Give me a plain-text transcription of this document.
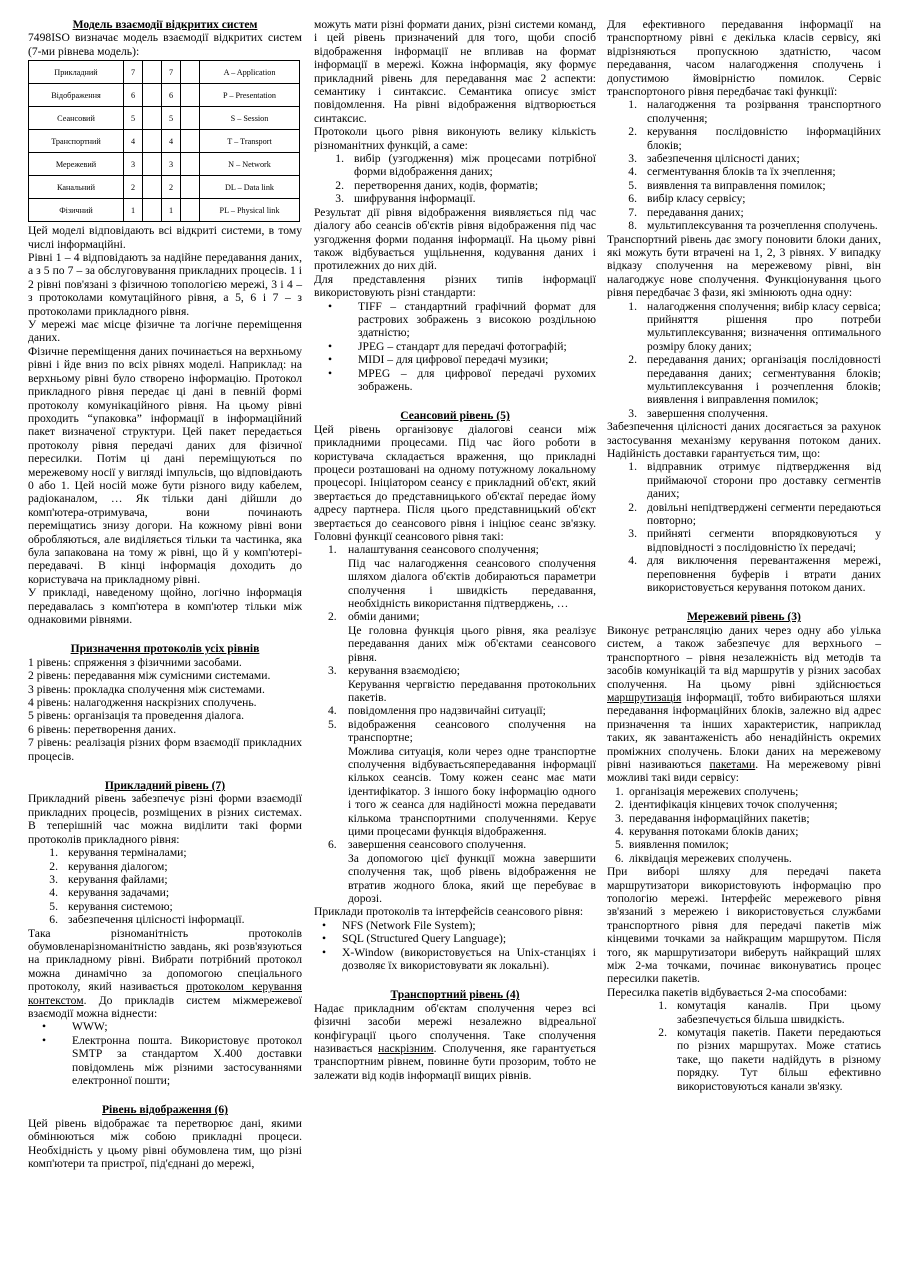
Модель взаємодії відкритих систем

7498ISO визначає модель взаємодії відкритих систем (7-ми рівнева модель):

Прикладний	7		7		A – Application
Відображення	6		6		P – Presentation
Сеансовий	5		5		S – Session
Транспортний	4		4		T – Transport
Мережевий	3		3		N – Network
Канальний	2		2		DL – Data link
Фізичний	1		1		PL – Physical link

Цей моделі відповідають всі відкриті системи, в тому числі інформаційні.

Рівні 1 – 4 відповідають за надійне передавання даних, а з 5 по 7 – за обслуговування прикладних процесів. 1 і 2 рівні пов'язані з фізичною топологією мережі, 3 і 4 – з протоколами комутаційного рівня, а 5, 6 і 7 – з протоколами прикладного рівня.

У мережі має місце фізичне та логічне переміщення даних.

Фізичне переміщення даних починається на верхньому рівні і йде вниз по всіх рівнях моделі. Наприклад: на верхньому рівні було створено інформацію. Протокол прикладного рівня передає ці дані в певній формі протоколу комунікаційного рівня. На цьому рівні проходить “упаковка” інформації в інформаційний пакет визначеної структури. Цей пакет передається протоколу рівня передачі даних для фізичної пересилки. Потім ці дані переміщуються по мережевому носії у вигляді імпульсів, що відповідають 0 або 1. Цей носій може бути різного виду кабелем, радіоканалом, … Як тільки дані дійшли до комп'ютера-отримувача, вони починають переміщатись знизу догори. На кожному рівні вони обробляються, але виділяється тільки та частинка, яка була запакована на тому ж рівні, що й у комп'ютері-передавачі. В кінці інформація доходить до користувача на прикладному рівні.

У прикладі, наведеному щойно, логічно інформація передавалась з комп'ютера в комп'ютер тільки між однаковими рівнями.

Призначення протоколів усіх рівнів

1 рівень: спряження з фізичними засобами.

2 рівень: передавання між сумісними системами.

3 рівень: прокладка сполучення між системами.

4 рівень: налагодження наскрізних сполучень.

5 рівень: організація та проведення діалога.

6 рівень: перетворення даних.

7 рівень: реалізація різних форм взаємодії прикладних процесів.

Прикладний рівень (7)

Прикладний рівень забезпечує різні форми взаємодії прикладних процесів, розміщених в різних системах. В теперішній час можна виділити такі форми протоколів прикладного рівня:

1. керування терміналами;
2. керування діалогом;
3. керування файлами;
4. керування задачами;
5. керування системою;
6. забезпечення цілісності інформації.

Така різноманітність протоколів обумовленарізноманітністю завдань, які розв'язуються на прикладному рівні. Вибрати потрібний протокол можна динамічно за допомогою спеціального протоколу, який називається протоколом керування контекстом. До прикладів систем міжмережевої взаємодії можна віднести:

•	WWW;
•	Електронна пошта. Використовує протокол SMTP за стандартом X.400 доставки повідомлень між різними застосуваннями електронної пошти;
Рівень відображення (6)

Цей рівень відображає та перетворює дані, якими обмінюються між собою прикладні процеси. Необхідність у цьому рівні обумовлена тим, що різні комп'ютери та пристрої, під'єднані до мережі,

можуть мати різні формати даних, різні системи команд, і цей рівень призначений для того, щоби спосіб відображення інформації не впливав на формат інформації в мережі. Кожна інформація, яку формує прикладний рівень для передавання має 2 аспекти: семантику і синтаксис. Семантика описує зміст повідомлення. На рівні відображення відтворюється синтаксис.

Протоколи цього рівня виконують велику кількість різноманітних функцій, а саме:

1. вибір (узгодження) між процесами потрібної форми відображення даних;
2. перетворення даних, кодів, форматів;
3. шифрування інформації.

Результат дії рівня відображення виявляється під час діалогу або сеансів об'єктів рівня відображення під час узгодження форми подання інформації. На цьому рівні також відбувається ущільнення, кодування даних і протилежних до них дій.

Для представлення різних типів інформації використовують різні стандарти:

•	TIFF – стандартний графічний формат для растрових зображень з високою роздільною здатністю;
•	JPEG – стандарт для передачі фотографій;
•	MIDI – для цифрової передачі музики;
•	MPEG – для цифрової передачі рухомих зображень.
Сеансовий рівень (5)

Цей рівень організовує діалогові сеанси між прикладними процесами. Під час його роботи в користувача складається враження, що прикладні процеси розташовані на одному потужному локальному процесорі. Ініціатором сеансу є прикладний об'єкт, який звертається до представницького об'єктаї передає йому адресу партнера. Після цього представницький об'єкт звертається до сеансового рівня і ініціює сеанс зв'язку. Головні функції сеансового рівня такі:

1. налаштування сеансового сполучення;

Під час налагодження сеансового сполучення шляхом діалога об'єктів добираються параметри сполучення і швидкість передавання, необхідність використання підтверджень, …

2. обміи даними;

Це головна функція цього рівня, яка реалізує передавання даних між об'єктами сеансового рівня.

3. керування взаємодією;

Керування чергвістю передавання протокольних пакетів.

4. повідомлення про надзвичайні ситуації;
5. відображення сеансового сполучення на транспортне;

Можлива ситуація, коли через одне транспортне сполучення відбуваєтьсяпередавання інформації кількох сеансів. Тому кожен сеанс має мати ідентифікатор. З іншого боку інформацію одного і того ж сеанса для надійності можна передавати кількома транспортними сполученнями. Керує цими процесами функція відображення.

6. завершення сеансового сполучення.

За допомогою цієї функції можна завершити сполучення так, щоб рівень відображення не втратив жодного блока, який ще перебуває в дорозі.

Приклади протоколів та інтерфейсів сеансового рівня:

•	NFS (Network File System);
•	SQL (Structured Query Language);
•	X-Window (використовується на Unix-станціях і дозволяє їх використовувати як локальні).
Транспортний рівень (4)

Надає прикладним об'єктам сполучення через всі фізичні засоби мережі незалежно відреальної конфігурації цього сполучення. Таке сполучення називається наскрізним. Сполучення, яке гарантується транспортним рівнем, повинне бути прозорим, тобто не залежати від кодів інформації вищих рівнів.

Для ефективного передавання інформації на транспортному рівні є декілька класів сервісу, які відрізняються пропускною здатністю, часом передавання, часом налагодження сполучень і допустимою ймовірністю помилок. Сервіс транспортоного рівня передбачає такі функції:

1. налагодження та розірвання транспортного сполучення;
2. керування послідовністю інформаційних блоків;
3. забезпечення цілісності даних;
4. сегментування блоків та їх зчеплення;
5. виявлення та виправлення помилок;
6. вибір класу сервісу;
7. передавання даних;
8. мультиплексування та розчеплення сполучень.

Транспортний рівень дає змогу поновити блоки даних, які можуть бути втрачені на 1, 2, 3 рівнях. У випадку відказу сполучення на мережевому рівні, він налагоджує нове сполучення. Функціонування цього рівня передбачає 3 фази, які змінюють одна одну:

1. налагодження сполучення; вибір класу сервіса; прийняття рішення про потреби мультиплексування; визначення оптимального розміру блоку даних;
2. передавання даних; організація послідовності передавання даних; сегментування блоків; мультиплексування і розчеплення блоків; виявлення і виправлення помилок;
3. завершення сполучення.

Забезпечення цілісності даних досягається за рахунок застосування механізму керування потоком даних. Надійність доставки гарантується тим, що:

1. відправник отримує підтвердження від приймаючої сторони про доставку сегментів даних;
2. довільні непідтверджені сегменти передаються повторно;
3. прийняті сегменти впорядковуються у відповідності з послідовністю їх передачі;
4. для виключення перевантаження мережі, переповнення буферів і втрати даних використовується керування потоком даних.
Мережевий рівень (3)

Виконує ретрансляцію даних через одну або уілька систем, а також забезпечує для верхнього – транспортного – рівня незалежність від методів та засобів комунікацій та від маршрутів у різних засобах сполучення. На цьому рівні здійснюється маршрутизація інформації, тобто вибираються шляхи передавання інформаційних блоків, залежно від адрес призначення та інших характеристик, наприклад таких, як завантаженість або ненадійність окремих проміжних сполучень. Блоки даних на мережевому рівні називаються пакетами. На мережевому рівні можливі такі види сервісу:

1. організація мережевих сполучень;
2. ідентифікація кінцевих точок сполучення;
3. передавання інформаційних пакетів;
4. керування потоками блоків даних;
5. виявлення помилок;
6. ліквідація мережевих сполучень.

При виборі шляху для передачі пакета маршрутизатори використовують інформацію про топологію мережі. Інтерфейс мережевого рівня зв'язаний з мережею і використовується службами транспортного рівня для передачі пакетів між кінцевими точками за найкращим маршрутом. Після того, як маршрутизатори виберуть найкращий шлях між 2-ма точками, починає виконуватись процес пересилки пакетів.

Пересилка пакетів відбувається 2-ма способами:

1. комутація каналів. При цьому забезпечується більша швидкість.
2. комутація пакетів. Пакети передаються по різних маршрутах. Може статись таке, що пакети надійдуть в різному порядку. Тут більш ефективно використовуються канали зв'язку.
